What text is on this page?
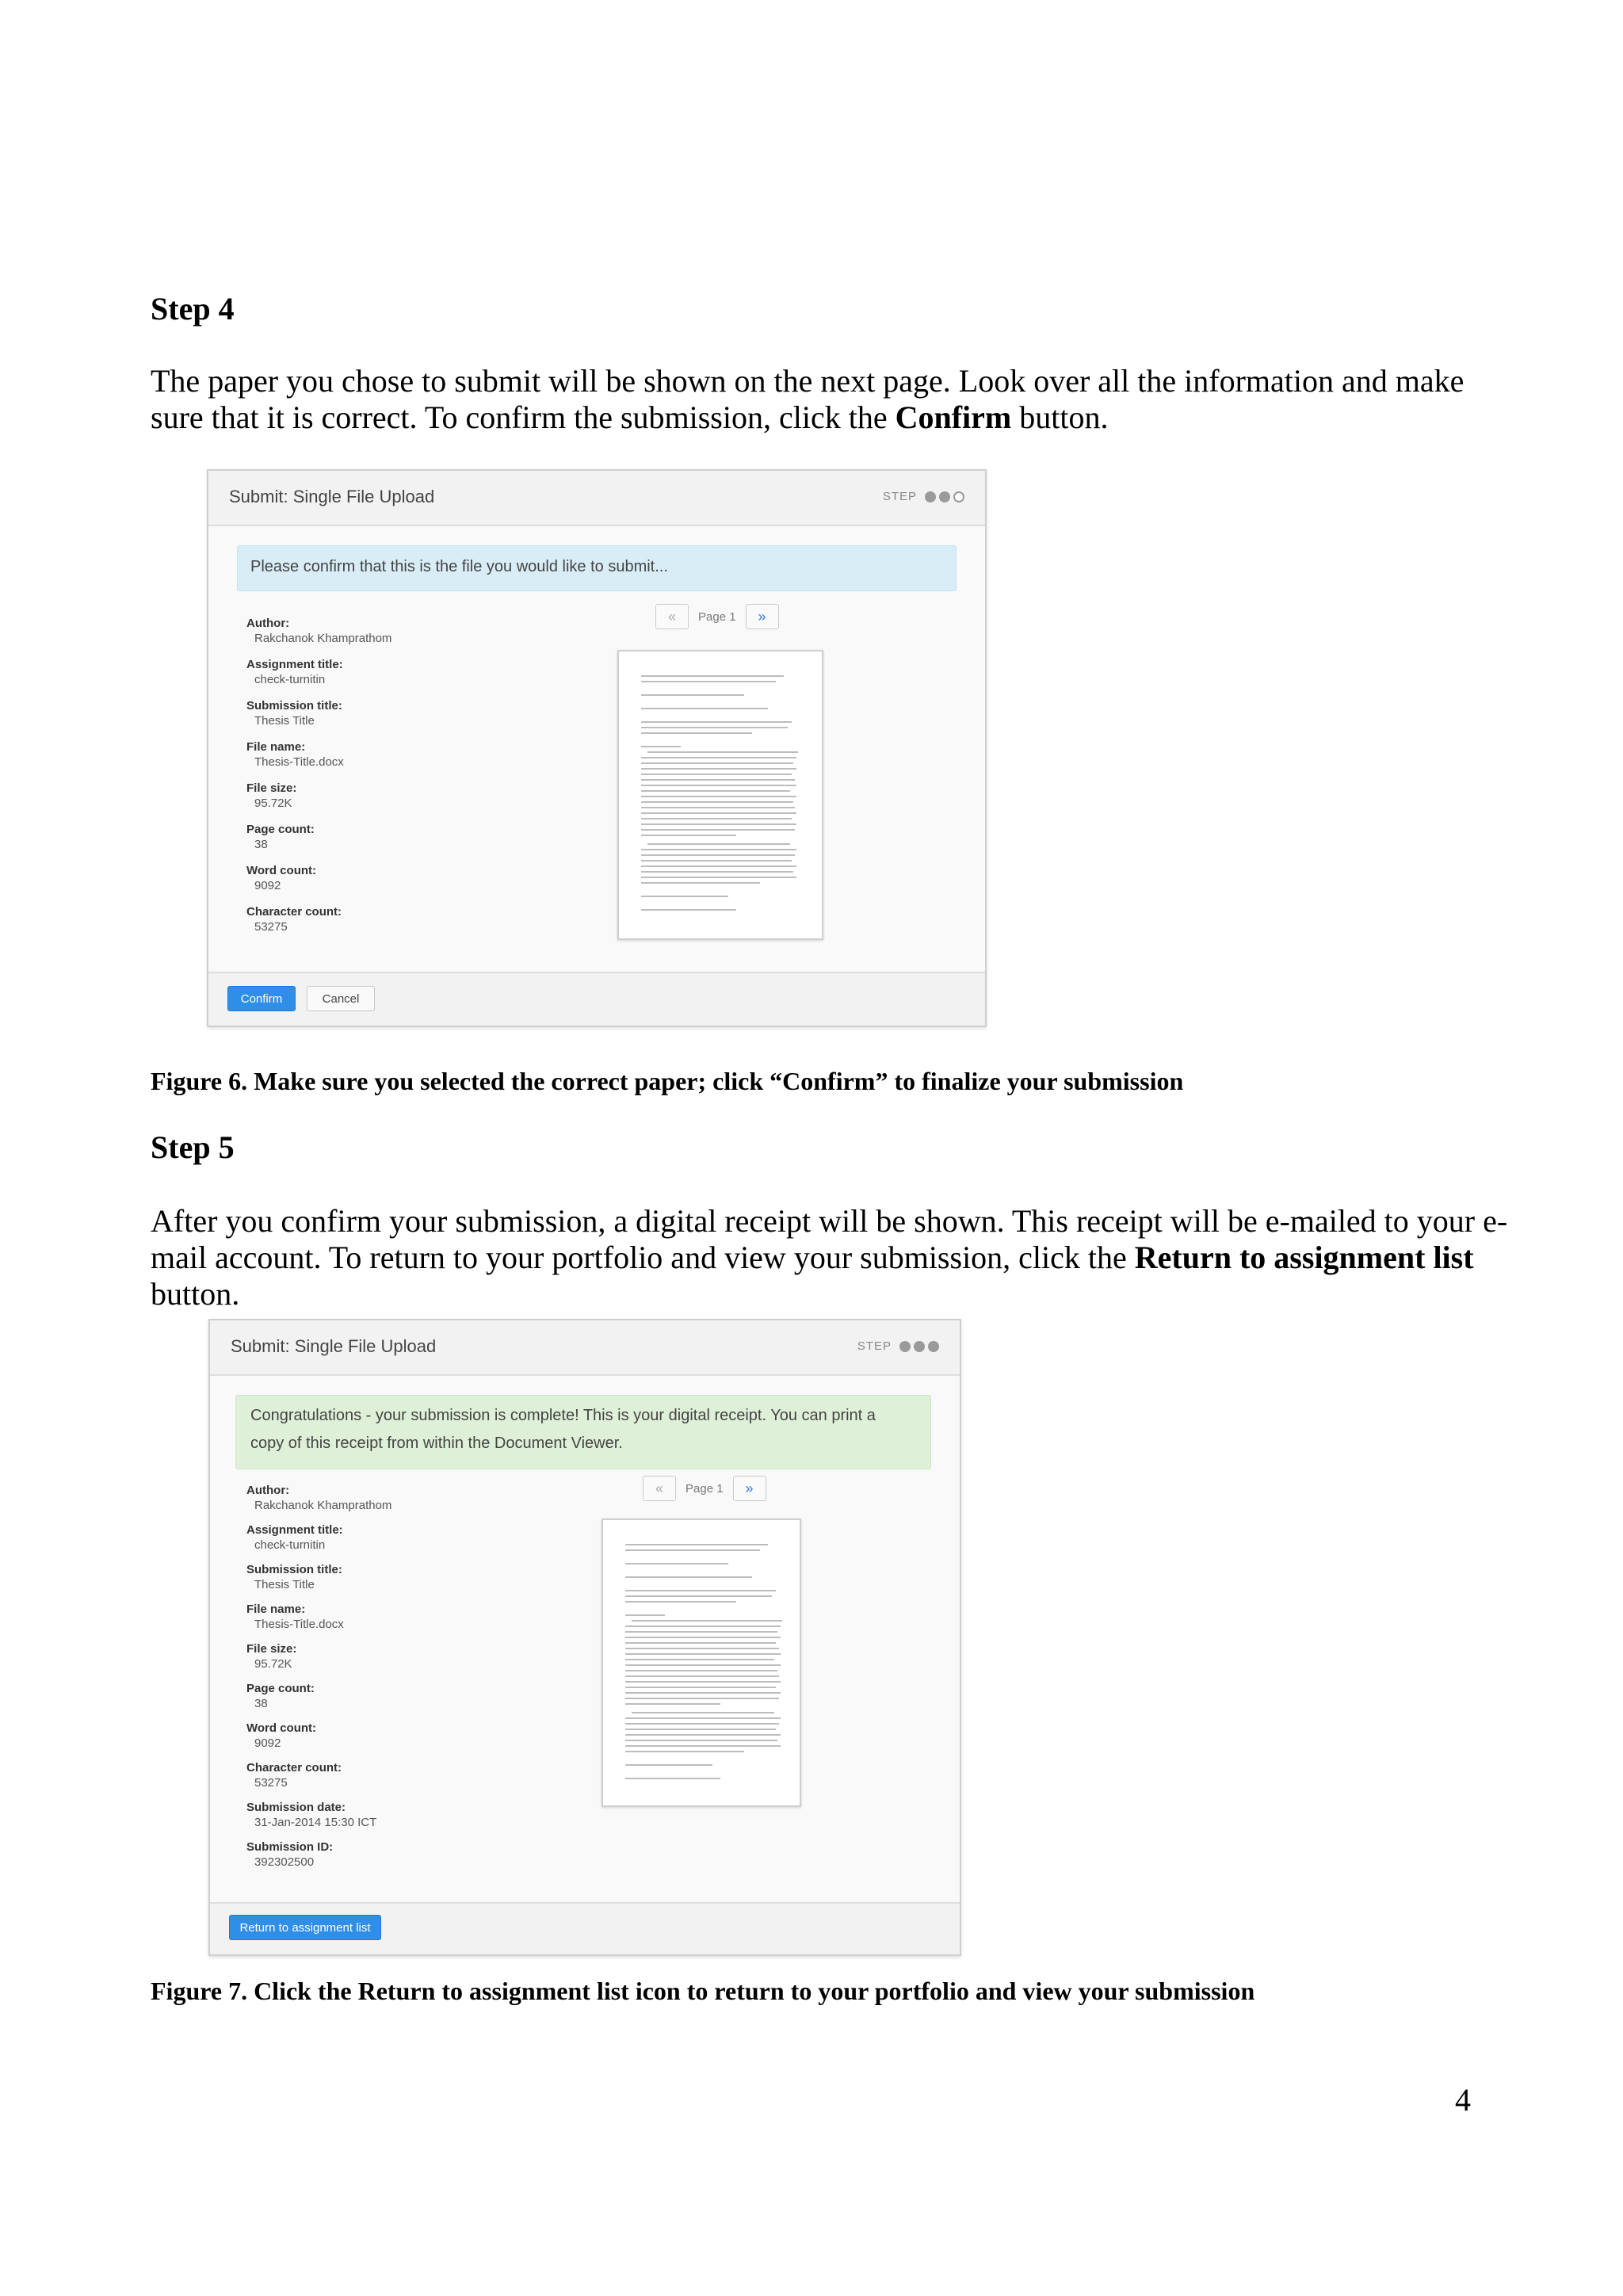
Step 4

The paper you chose to submit will be shown on the next page. Look over all the information and make sure that it is correct. To confirm the submission, click the Confirm button.

Submit: Single File Upload	STEP
Please confirm that this is the file you would like to submit...
Author:
Rakchanok Khamprathom
Assignment title:
check-turnitin
Submission title:
Thesis Title
File name:
Thesis-Title.docx
File size:
95.72K
Page count:
38
Word count:
9092
Character count:
53275
«	Page 1	»
Confirm	Cancel

Figure 6. Make sure you selected the correct paper; click “Confirm” to finalize your submission

Step 5

After you confirm your submission, a digital receipt will be shown. This receipt will be e-mailed to your e-mail account. To return to your portfolio and view your submission, click the Return to assignment list button.

Submit: Single File Upload	STEP
Congratulations - your submission is complete! This is your digital receipt. You can print a
copy of this receipt from within the Document Viewer.
Author:
Rakchanok Khamprathom
Assignment title:
check-turnitin
Submission title:
Thesis Title
File name:
Thesis-Title.docx
File size:
95.72K
Page count:
38
Word count:
9092
Character count:
53275
Submission date:
31-Jan-2014 15:30 ICT
Submission ID:
392302500
«	Page 1	»
Return to assignment list

Figure 7. Click the Return to assignment list icon to return to your portfolio and view your submission

4
